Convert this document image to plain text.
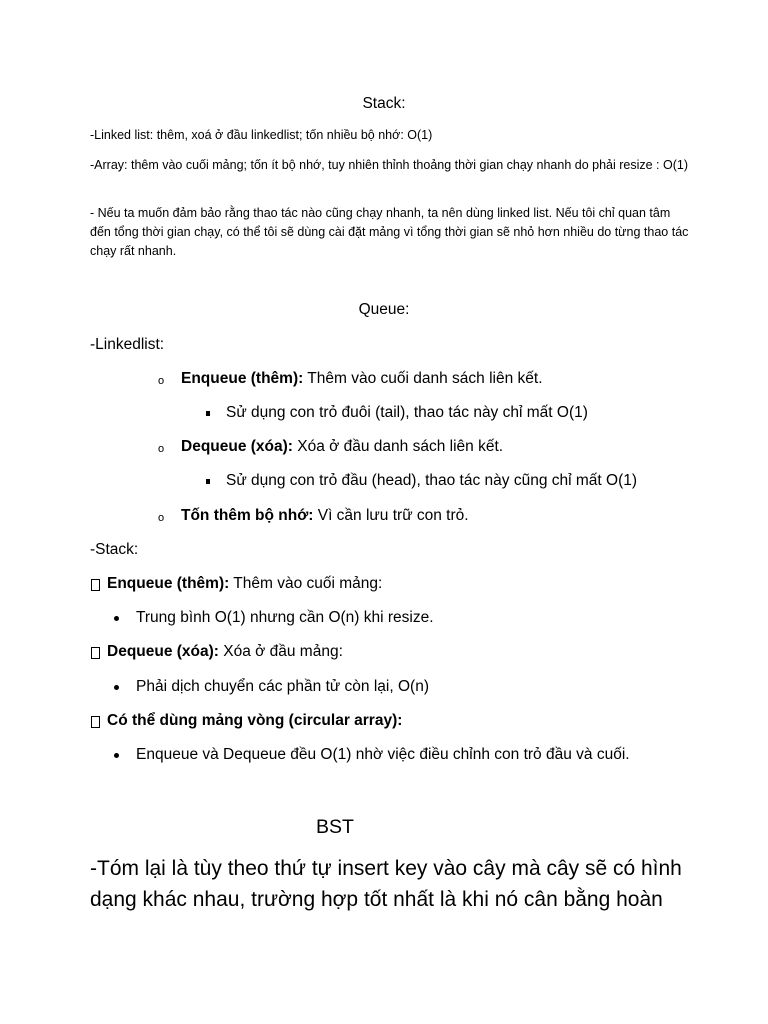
Stack:
-Linked list: thêm, xoá ở đầu linkedlist; tốn nhiều bộ nhớ: O(1)
-Array: thêm vào cuối mảng; tốn ít bộ nhớ, tuy nhiên thỉnh thoảng thời gian chạy nhanh do phải resize : O(1)
- Nếu ta muốn đảm bảo rằng thao tác nào cũng chạy nhanh, ta nên dùng linked list. Nếu tôi chỉ quan tâm đến tổng thời gian chạy, có thể tôi sẽ dùng cài đặt mảng vì tổng thời gian sẽ nhỏ hơn nhiều do từng thao tác chạy rất nhanh.
Queue:
-Linkedlist:
o Enqueue (thêm): Thêm vào cuối danh sách liên kết.
Sử dụng con trỏ đuôi (tail), thao tác này chỉ mất O(1)
o Dequeue (xóa): Xóa ở đầu danh sách liên kết.
Sử dụng con trỏ đầu (head), thao tác này cũng chỉ mất O(1)
o Tốn thêm bộ nhớ: Vì cần lưu trữ con trỏ.
-Stack:
Enqueue (thêm): Thêm vào cuối mảng:
Trung bình O(1) nhưng cần O(n) khi resize.
Dequeue (xóa): Xóa ở đầu mảng:
Phải dịch chuyển các phần tử còn lại, O(n)
Có thể dùng mảng vòng (circular array):
Enqueue và Dequeue đều O(1) nhờ việc điều chỉnh con trỏ đầu và cuối.
BST
-Tóm lại là tùy theo thứ tự insert key vào cây mà cây sẽ có hình dạng khác nhau, trường hợp tốt nhất là khi nó cân bằng hoàn
